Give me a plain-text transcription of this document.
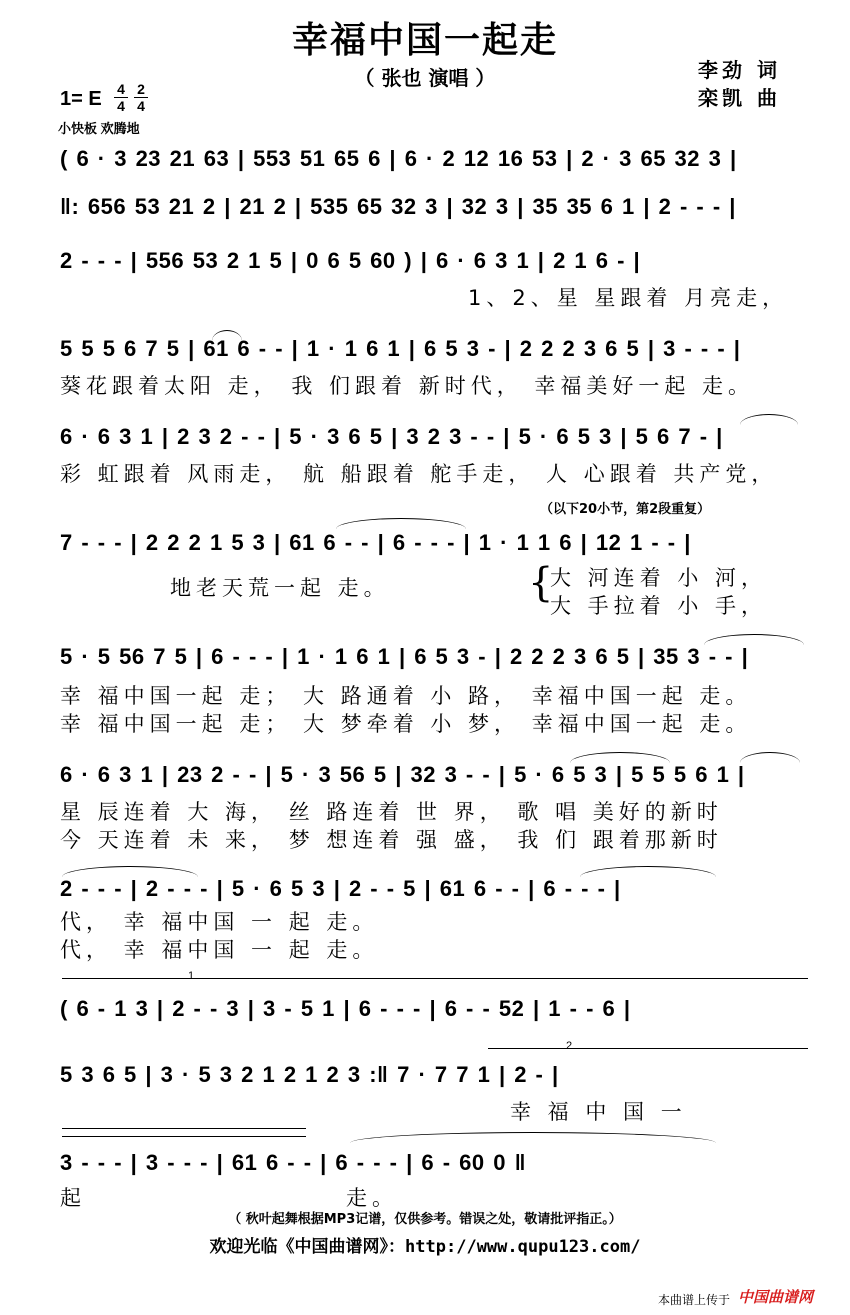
幸福中国一起走
（ 张也 演唱 ）	李劲 词
栾凯 曲
1= E 4
4
2
4
小快板 欢腾地
( 6 · 3 23 21 63 | 553 51 65 6 | 6 · 2 12 16 53 | 2 · 3 65 32 3 |
‖: 656 53 21 2 | 21 2 | 535 65 32 3 | 32 3 | 35 35 6 1 | 2 - - - |
2 - - - | 556 53 2 1 5 | 0 6 5 60 ) | 6 · 6 3 1 | 2 1 6 - |
1、2、星 星跟着 月亮走，
5 5 5 6 7 5 | 61 6 - - | 1 · 1 6 1 | 6 5 3 - | 2 2 2 3 6 5 | 3 - - - |
葵花跟着太阳 走， 我 们跟着 新时代， 幸福美好一起 走。
6 · 6 3 1 | 2 3 2 - - | 5 · 3 6 5 | 3 2 3 - - | 5 · 6 5 3 | 5 6 7 - |
彩 虹跟着 风雨走， 航 船跟着 舵手走， 人 心跟着 共产党，
（以下20小节，第2段重复）
7 - - - | 2 2 2 1 5 3 | 61 6 - - | 6 - - - | 1 · 1 1 6 | 12 1 - - |
地老天荒一起 走。	{
大 河连着 小 河，
大 手拉着 小 手，
5 · 5 56 7 5 | 6 - - - | 1 · 1 6 1 | 6 5 3 - | 2 2 2 3 6 5 | 35 3 - - |
幸 福中国一起 走； 大 路通着 小 路， 幸福中国一起 走。
幸 福中国一起 走； 大 梦牵着 小 梦， 幸福中国一起 走。
6 · 6 3 1 | 23 2 - - | 5 · 3 56 5 | 32 3 - - | 5 · 6 5 3 | 5 5 5 6 1 |
星 辰连着 大 海， 丝 路连着 世 界， 歌 唱 美好的新时
今 天连着 未 来， 梦 想连着 强 盛， 我 们 跟着那新时
2 - - - | 2 - - - | 5 · 6 5 3 | 2 - - 5 | 61 6 - - | 6 - - - |
代， 幸 福中国 一 起 走。
代， 幸 福中国 一 起 走。
1
( 6 - 1 3 | 2 - - 3 | 3 - 5 1 | 6 - - - | 6 - - 52 | 1 - - 6 |
2
5 3 6 5 | 3 · 5 3 2 1 2 1 2 3 :‖ 7 · 7 7 1 | 2 - |
幸 福 中 国 一
3 - - - | 3 - - - | 61 6 - - | 6 - - - | 6 - 60 0 ‖
起	走。
（ 秋叶起舞根据MP3记谱，仅供参考。错误之处，敬请批评指正。）
欢迎光临《中国曲谱网》：http://www.qupu123.com/
本曲谱上传于 中国曲谱网
